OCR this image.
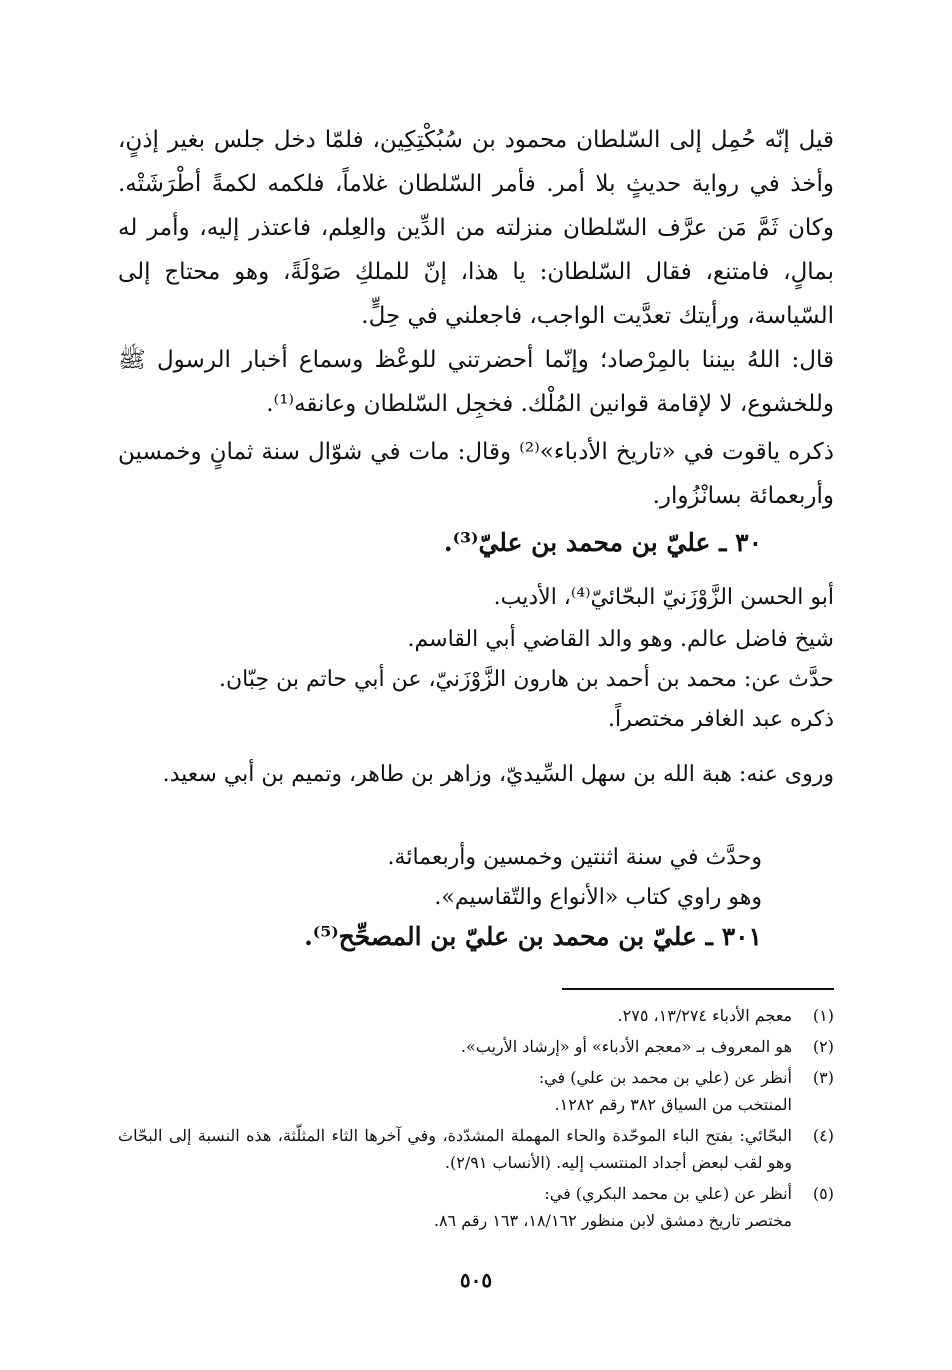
قيل إنّه حُمِل إلى السّلطان محمود بن سُبُكْتِكِين، فلمّا دخل جلس بغير إذنٍ، وأخذ في رواية حديثٍ بلا أمر. فأمر السّلطان غلاماً، فلكمه لكمةً أطْرَشَتْه. وكان ثَمَّ مَن عرَّف السّلطان منزلته من الدِّين والعِلم، فاعتذر إليه، وأمر له بمالٍ، فامتنع، فقال السّلطان: يا هذا، إنّ للملكِ صَوْلَةً، وهو محتاج إلى السّياسة، ورأيتك تعدَّيت الواجب، فاجعلني في حِلٍّ.

قال: اللهُ بيننا بالمِرْصاد؛ وإنّما أحضرتني للوعْظ وسماع أخبار الرسول ﷺ وللخشوع، لا لإقامة قوانين المُلْك. فخجِل السّلطان وعانقه⁽¹⁾.

ذكره ياقوت في «تاريخ الأدباء»⁽²⁾ وقال: مات في شوّال سنة ثمانٍ وخمسين وأربعمائة بسانْزُوار.

٣٠ ـ عليّ بن محمد بن عليّ⁽³⁾.

أبو الحسن الزَّوْزَنيّ البحّائيّ⁽⁴⁾، الأديب.

شيخ فاضل عالم. وهو والد القاضي أبي القاسم.

حدَّث عن: محمد بن أحمد بن هارون الزَّوْزَنيّ، عن أبي حاتم بن حِبّان.

ذكره عبد الغافر مختصراً.

وروى عنه: هبة الله بن سهل السِّيديّ، وزاهر بن طاهر، وتميم بن أبي سعيد.

وحدَّث في سنة اثنتين وخمسين وأربعمائة.

وهو راوي كتاب «الأنواع والتّقاسيم».

٣٠١ ـ عليّ بن محمد بن عليّ بن المصحِّح⁽⁵⁾.

(١)
معجم الأدباء ١٣/٢٧٤، ٢٧٥.
(٢)
هو المعروف بـ «معجم الأدباء» أو «إرشاد الأريب».
(٣)
أنظر عن (علي بن محمد بن علي) في:
المنتخب من السياق ٣٨٢ رقم ١٢٨٢.
(٤)
البحّائي: بفتح الباء الموحّدة والحاء المهملة المشدّدة، وفي آخرها الثاء المثلّثة، هذه النسبة إلى البحّاث وهو لقب لبعض أجداد المنتسب إليه. (الأنساب ٢/٩١).
(٥)
أنظر عن (علي بن محمد البكري) في:
مختصر تاريخ دمشق لابن منظور ١٨/١٦٢، ١٦٣ رقم ٨٦.
٥٠٥
